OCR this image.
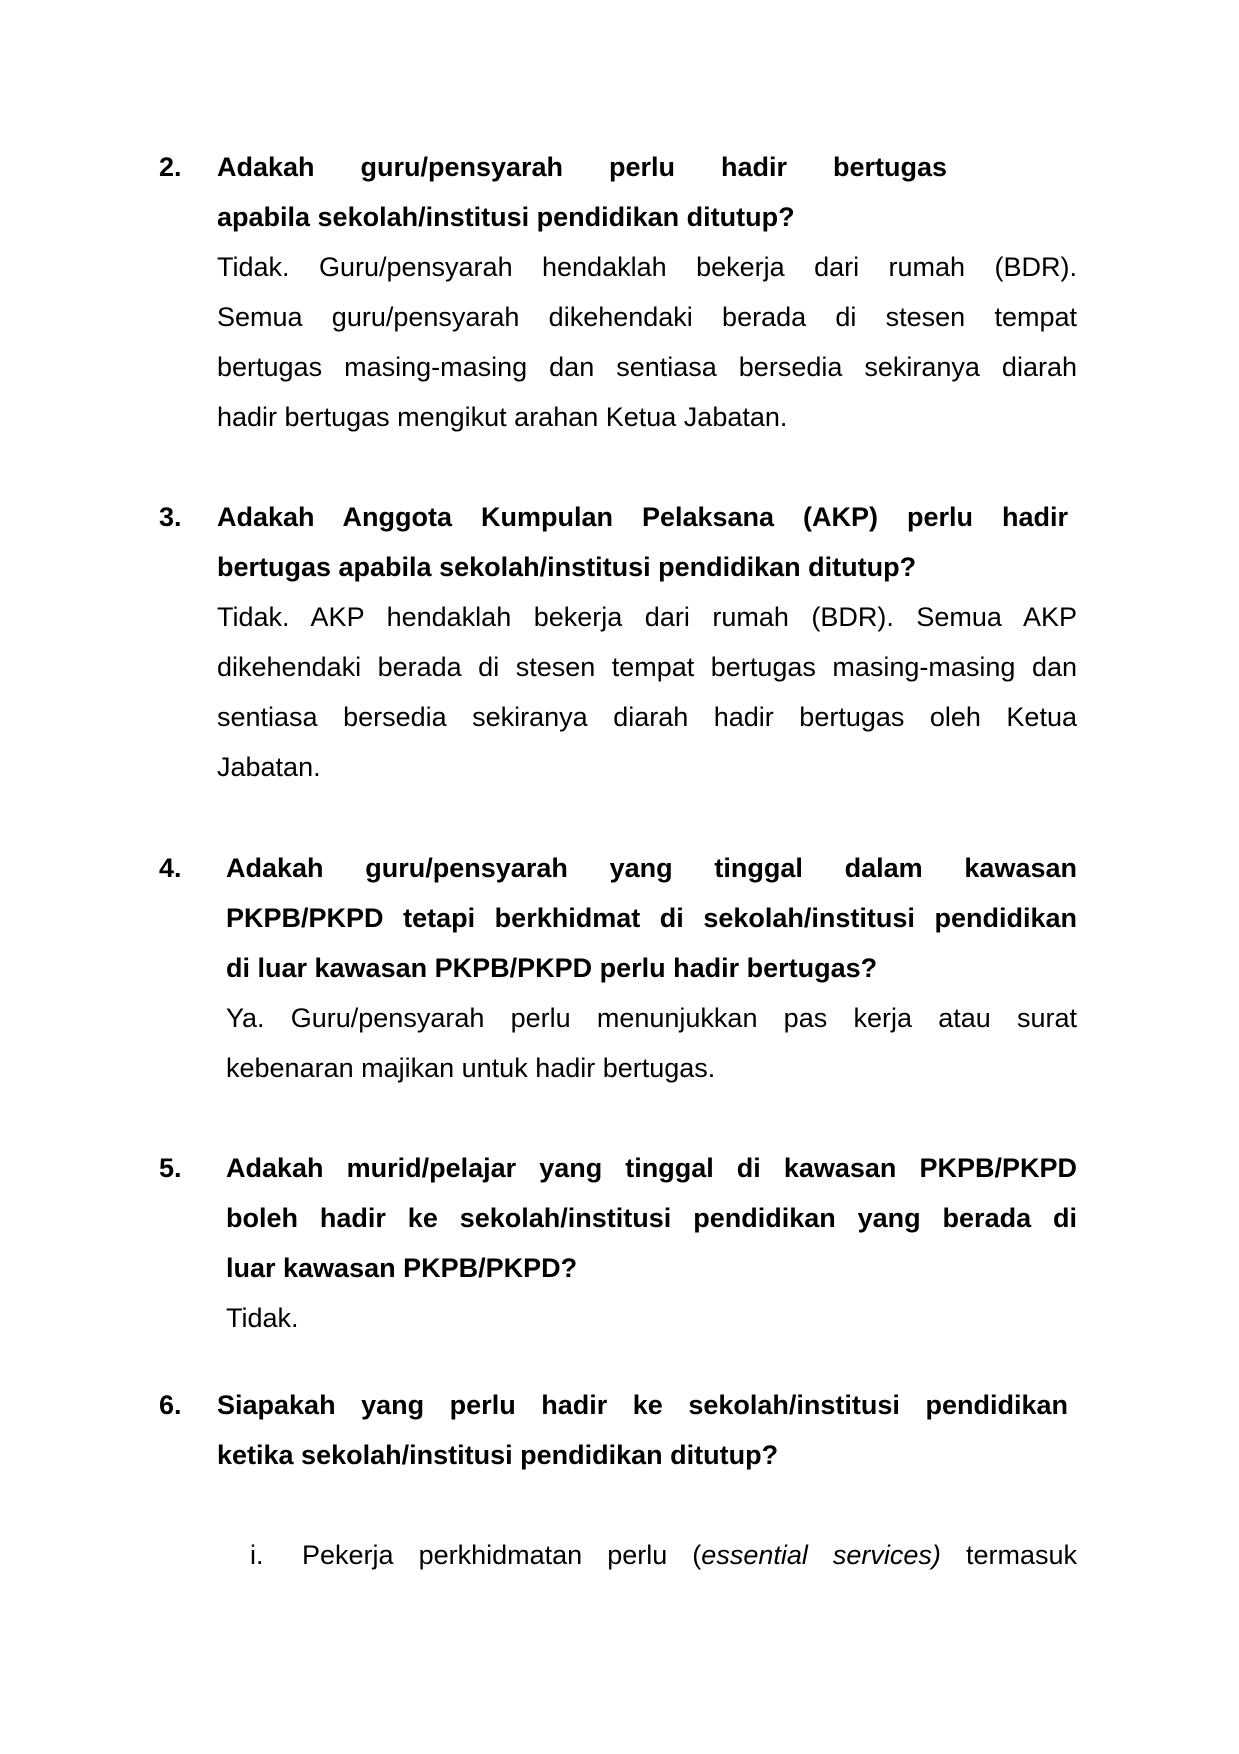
2. Adakah guru/pensyarah perlu hadir bertugas
apabila sekolah/institusi pendidikan ditutup?

Tidak. Guru/pensyarah hendaklah bekerja dari rumah (BDR).
Semua guru/pensyarah dikehendaki berada di stesen tempat
bertugas masing-masing dan sentiasa bersedia sekiranya diarah
hadir bertugas mengikut arahan Ketua Jabatan.

3. Adakah Anggota Kumpulan Pelaksana (AKP) perlu hadir
bertugas apabila sekolah/institusi pendidikan ditutup?

Tidak. AKP hendaklah bekerja dari rumah (BDR). Semua AKP
dikehendaki berada di stesen tempat bertugas masing-masing dan
sentiasa bersedia sekiranya diarah hadir bertugas oleh Ketua
Jabatan.

4. Adakah guru/pensyarah yang tinggal dalam kawasan
PKPB/PKPD tetapi berkhidmat di sekolah/institusi pendidikan
di luar kawasan PKPB/PKPD perlu hadir bertugas?

Ya. Guru/pensyarah perlu menunjukkan pas kerja atau surat
kebenaran majikan untuk hadir bertugas.

5. Adakah murid/pelajar yang tinggal di kawasan PKPB/PKPD
boleh hadir ke sekolah/institusi pendidikan yang berada di
luar kawasan PKPB/PKPD?

Tidak.

6. Siapakah yang perlu hadir ke sekolah/institusi pendidikan
ketika sekolah/institusi pendidikan ditutup?

i. Pekerja perkhidmatan perlu (essential services) termasuk
